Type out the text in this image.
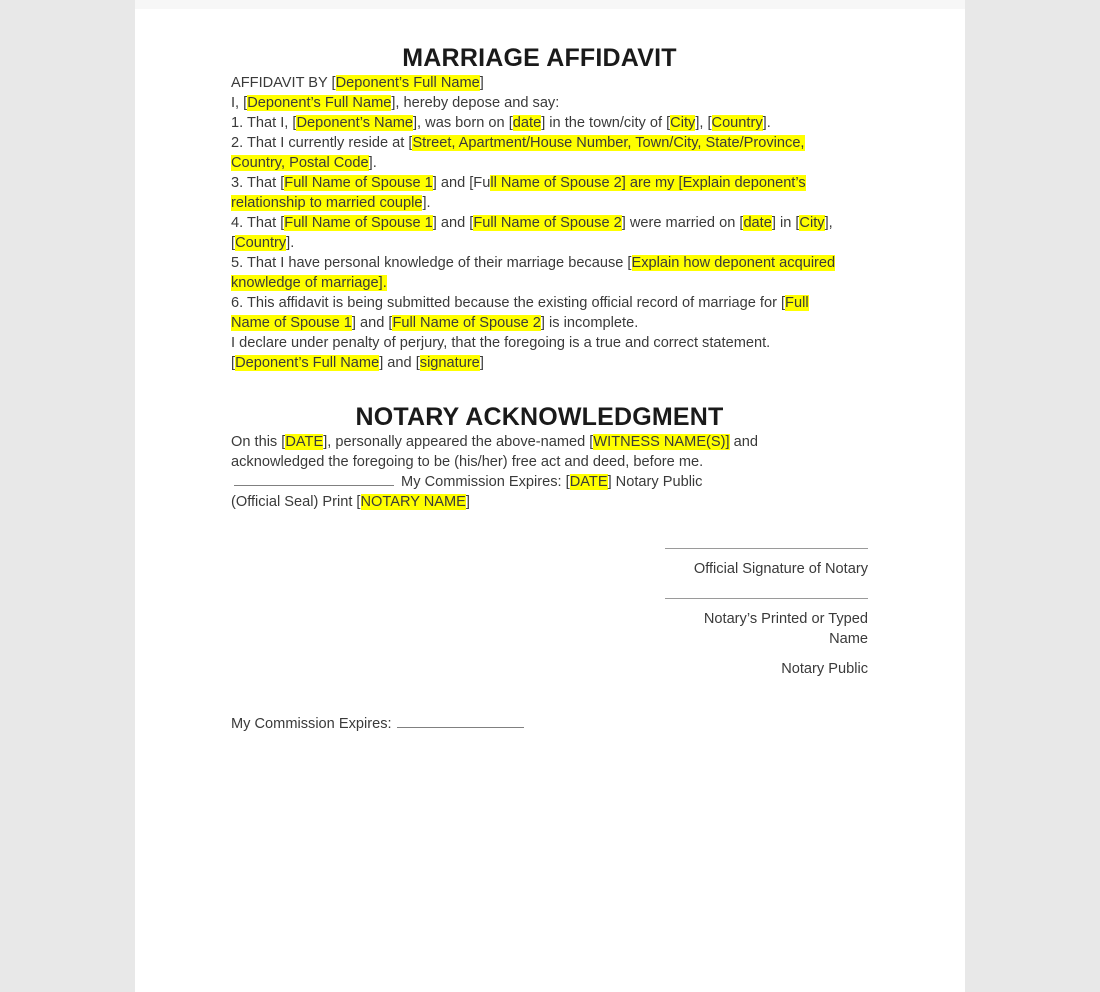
MARRIAGE AFFIDAVIT

AFFIDAVIT BY [Deponent’s Full Name]

I, [Deponent’s Full Name], hereby depose and say:

1. That I, [Deponent’s Name], was born on [date] in the town/city of [City], [Country].

2. That I currently reside at [Street, Apartment/House Number, Town/City, State/Province, Country, Postal Code].

3. That [Full Name of Spouse 1] and [Full Name of Spouse 2] are my [Explain deponent’s relationship to married couple].

4. That [Full Name of Spouse 1] and [Full Name of Spouse 2] were married on [date] in [City], [Country].

5. That I have personal knowledge of their marriage because [Explain how deponent acquired knowledge of marriage].

6. This affidavit is being submitted because the existing official record of marriage for [Full Name of Spouse 1] and [Full Name of Spouse 2] is incomplete.

I declare under penalty of perjury, that the foregoing is a true and correct statement.

[Deponent’s Full Name] and [signature]

NOTARY ACKNOWLEDGMENT

On this [DATE], personally appeared the above-named [WITNESS NAME(S)] and acknowledged the foregoing to be (his/her) free act and deed, before me. My Commission Expires: [DATE] Notary Public

(Official Seal) Print [NOTARY NAME]

Official Signature of Notary

Notary’s Printed or Typed Name

Notary Public

My Commission Expires:
